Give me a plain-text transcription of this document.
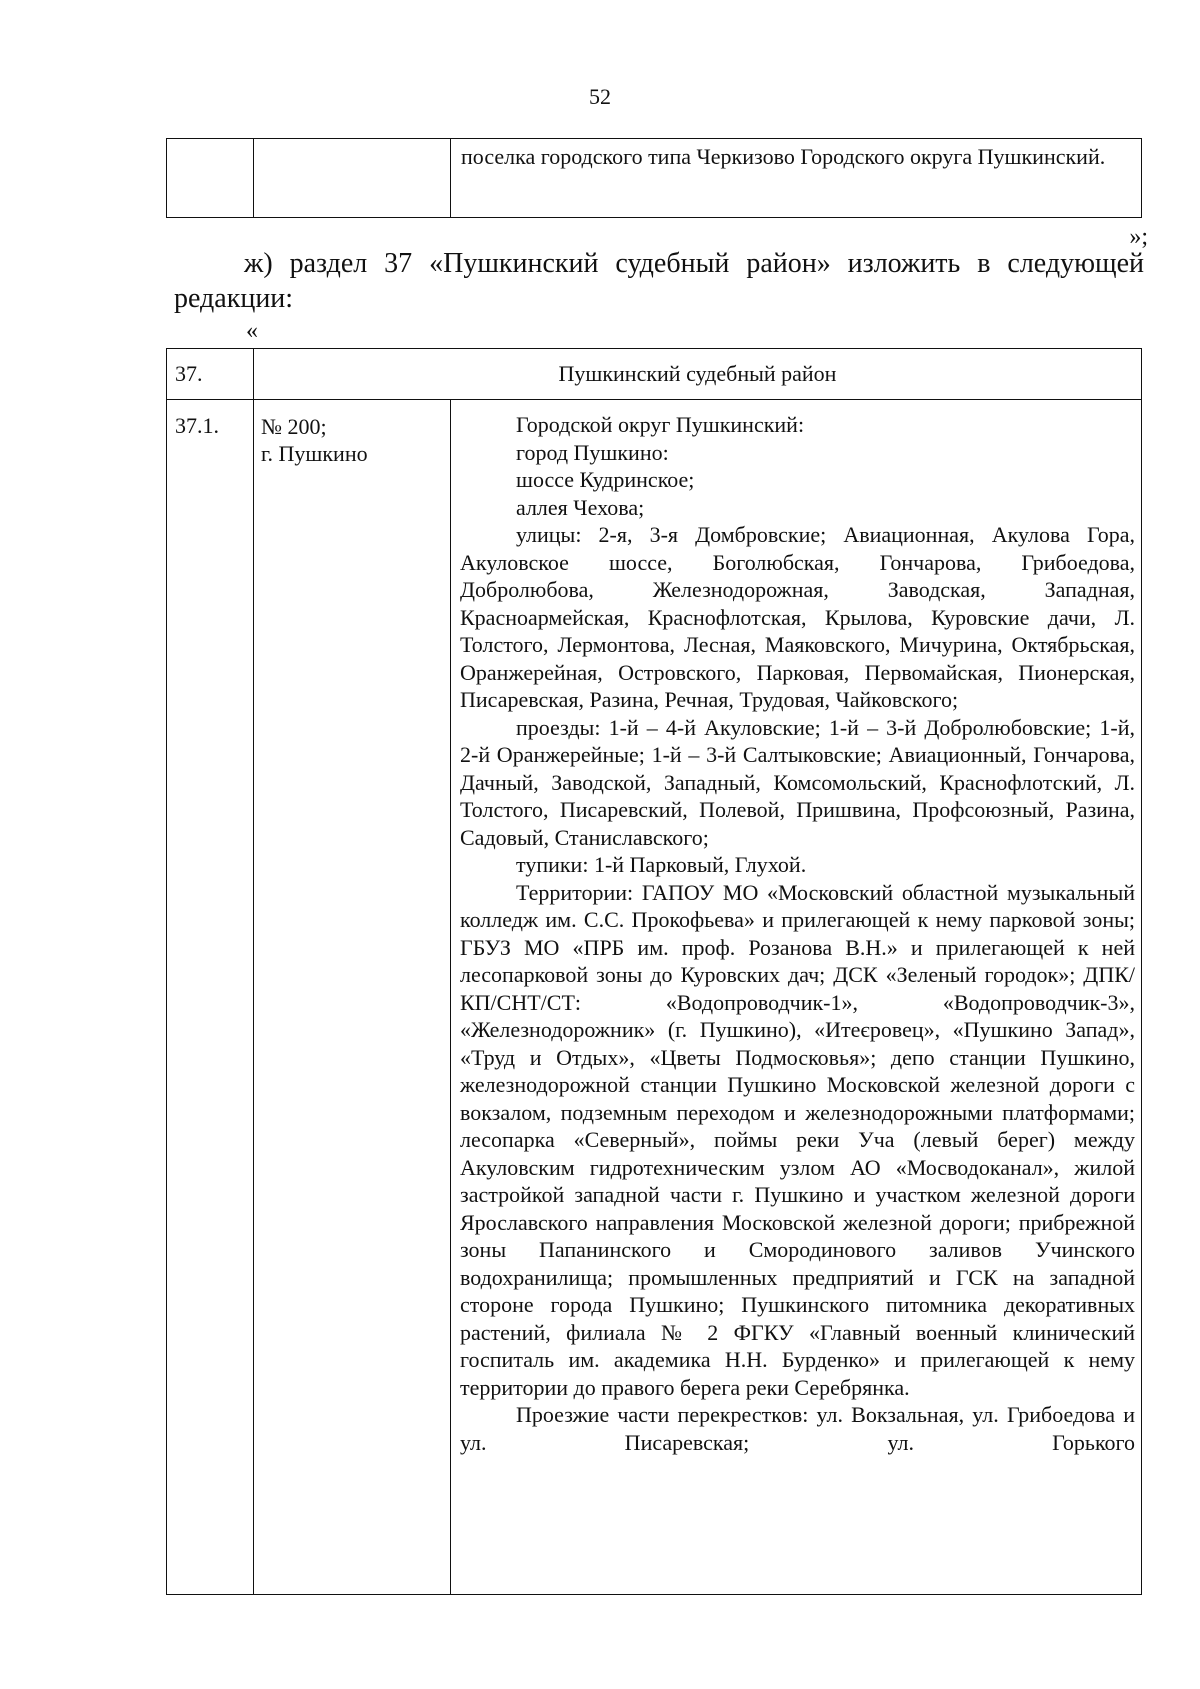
52
поселка городского типа Черкизово Городского округа Пушкинский.
»;
ж) раздел 37 «Пушкинский судебный район» изложить в следующей редакции:
«
37.	Пушкинский судебный район
37.1. № 200;
г. Пушкино

Городской округ Пушкинский:

город Пушкино:

шоссе Кудринское;

аллея Чехова;

улицы: 2-я, 3-я Домбровские; Авиационная, Акулова Гора, Акуловское шоссе, Боголюбская, Гончарова, Грибоедова, Добролюбова, Железнодорожная, Заводская, Западная, Красноармейская, Краснофлотская, Крылова, Куровские дачи, Л. Толстого, Лермонтова, Лесная, Маяковского, Мичурина, Октябрьская, Оранжерейная, Островского, Парковая, Первомайская, Пионерская, Писаревская, Разина, Речная, Трудовая, Чайковского;

проезды: 1-й – 4-й Акуловские; 1-й – 3-й Добролюбовские; 1-й, 2-й Оранжерейные; 1-й – 3-й Салтыковские; Авиационный, Гончарова, Дачный, Заводской, Западный, Комсомольский, Краснофлотский, Л. Толстого, Писаревский, Полевой, Пришвина, Профсоюзный, Разина, Садовый, Станиславского;

тупики: 1-й Парковый, Глухой.

Территории: ГАПОУ МО «Московский областной музыкальный колледж им. С.С. Прокофьева» и прилегающей к нему парковой зоны; ГБУЗ МО «ПРБ им. проф. Розанова В.Н.» и прилегающей к ней лесопарковой зоны до Куровских дач; ДСК «Зеленый городок»; ДПК/КП/СНТ/СТ: «Водопроводчик-1», «Водопроводчик-3», «Железнодорожник» (г. Пушкино), «Итеєровец», «Пушкино Запад», «Труд и Отдых», «Цветы Подмосковья»; депо станции Пушкино, железнодорожной станции Пушкино Московской железной дороги с вокзалом, подземным переходом и железнодорожными платформами; лесопарка «Северный», поймы реки Уча (левый берег) между Акуловским гидротехническим узлом АО «Мосводоканал», жилой застройкой западной части г. Пушкино и участком железной дороги Ярославского направления Московской железной дороги; прибрежной зоны Папанинского и Смородинового заливов Учинского водохранилища; промышленных предприятий и ГСК на западной стороне города Пушкино; Пушкинского питомника декоративных растений, филиала № 2 ФГКУ «Главный военный клинический госпиталь им. академика Н.Н. Бурденко» и прилегающей к нему территории до правого берега реки Серебрянка.

Проезжие части перекрестков: ул. Вокзальная, ул. Грибоедова и ул. Писаревская; ул. Горького
